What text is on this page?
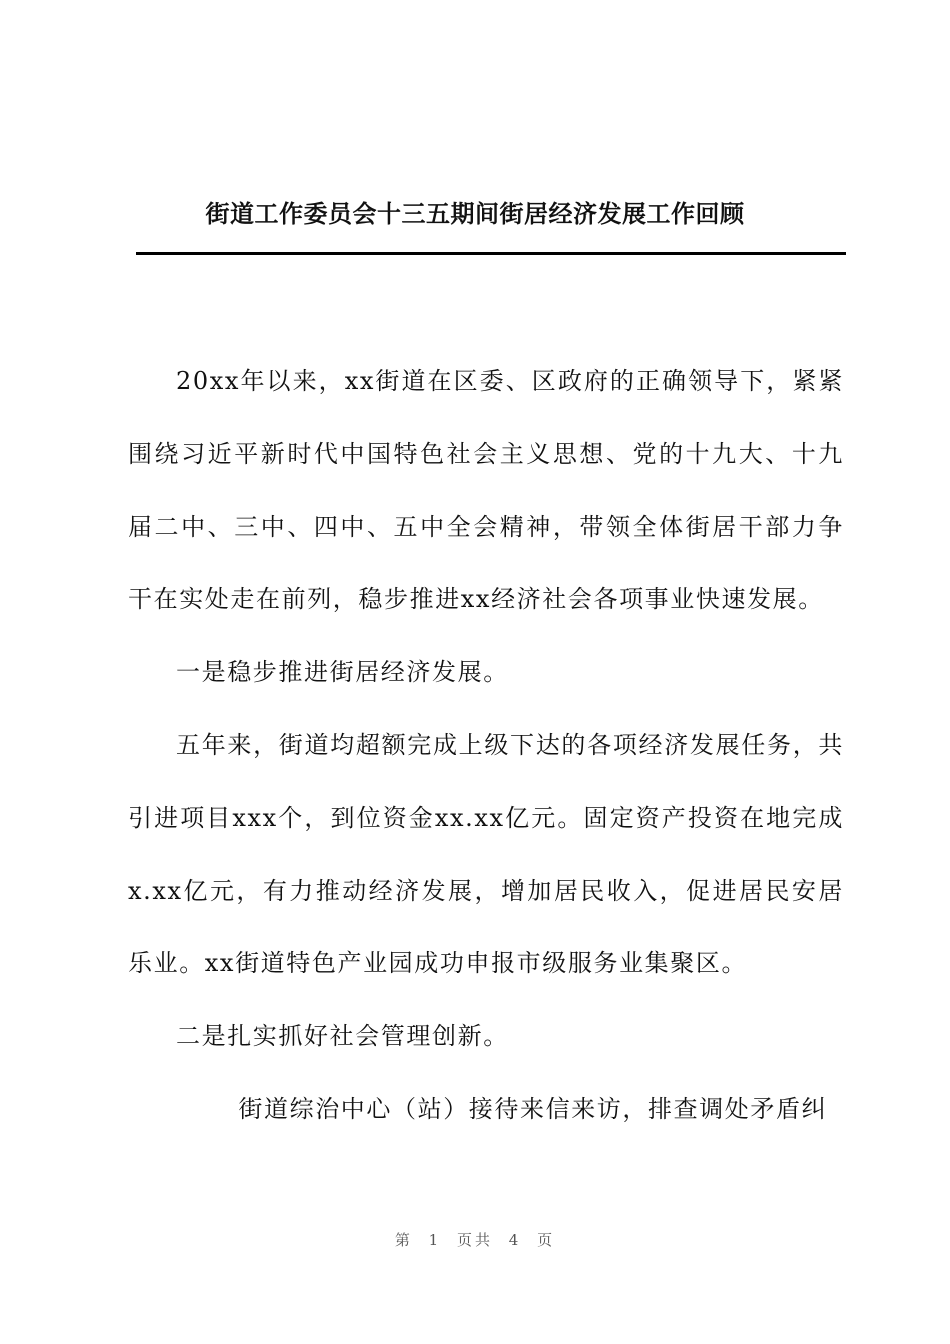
街道工作委员会十三五期间街居经济发展工作回顾

20xx年以来，xx街道在区委、区政府的正确领导下，紧紧围绕习近平新时代中国特色社会主义思想、党的十九大、十九届二中、三中、四中、五中全会精神，带领全体街居干部力争干在实处走在前列，稳步推进xx经济社会各项事业快速发展。

一是稳步推进街居经济发展。

五年来，街道均超额完成上级下达的各项经济发展任务，共引进项目xxx个，到位资金xx.xx亿元。固定资产投资在地完成x.xx亿元，有力推动经济发展，增加居民收入，促进居民安居乐业。xx街道特色产业园成功申报市级服务业集聚区。

二是扎实抓好社会管理创新。

街道综治中心（站）接待来信来访，排查调处矛盾纠

第 1 页共 4 页
